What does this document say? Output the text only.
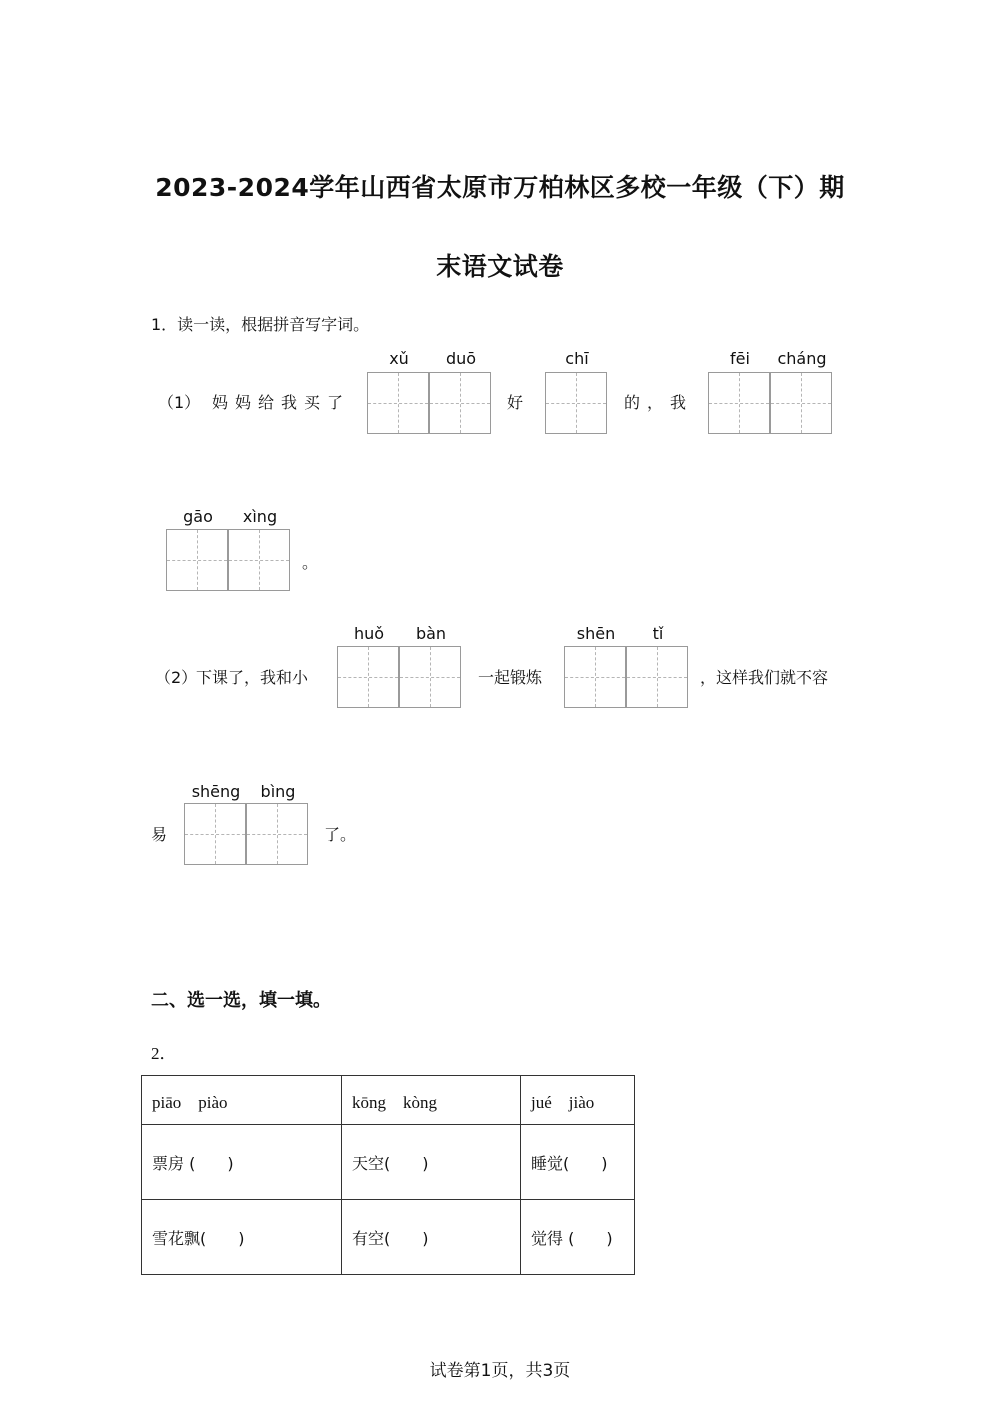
2023-2024学年山西省太原市万柏林区多校一年级（下）期
末语文试卷
1．读一读，根据拼音写字词。
（1） 妈妈给我买了
xǔ	duō
好
chī
的，我
fēi	cháng
gāo	xìng
。
（2）
下课了，我和小
huǒ	bàn
一起锻炼
shēn	tǐ
，这样我们就不容
易
shēng	bìng
了。
二、选一选，填一填。
2．
piāo　piào	kōng　kòng	jué　jiào
票房 (　　)	天空(　　)	睡觉(　　)
雪花飘(　　)	有空(　　)	觉得 (　　)
试卷第1页，共3页
